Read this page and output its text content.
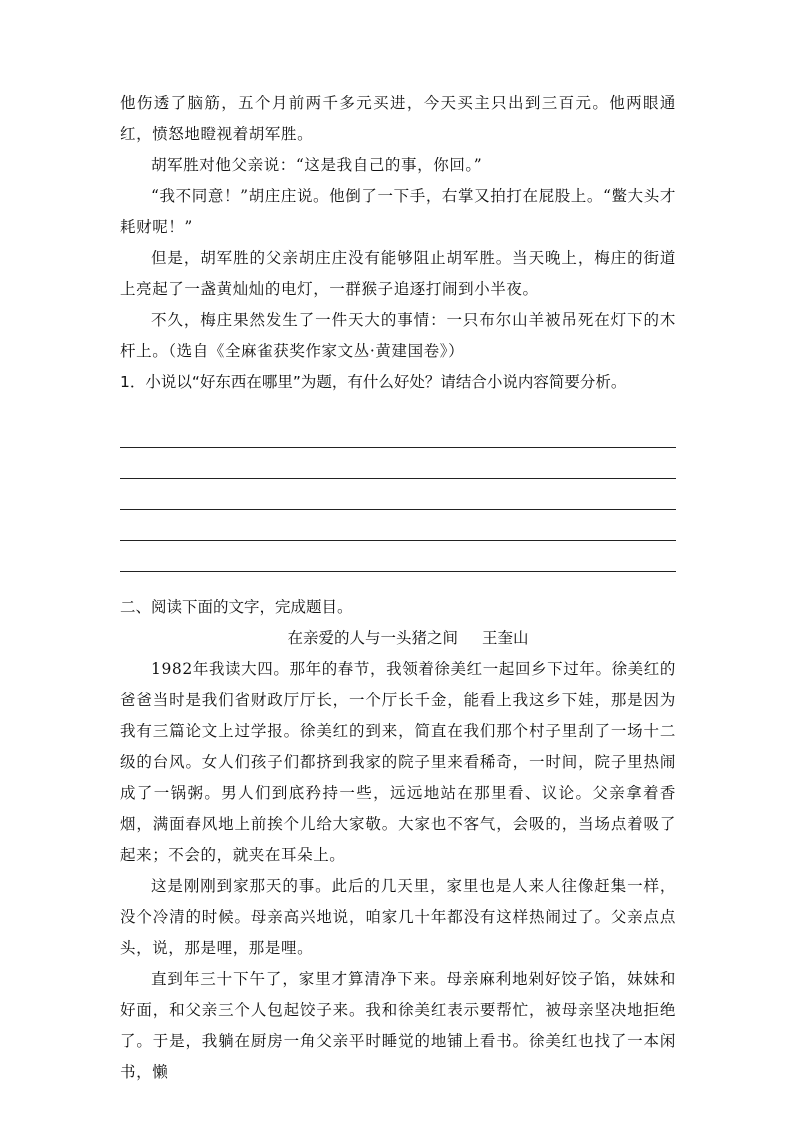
他伤透了脑筋，五个月前两千多元买进，今天买主只出到三百元。他两眼通红，愤怒地瞪视着胡军胜。

胡军胜对他父亲说：“这是我自己的事，你回。”

“我不同意！”胡庄庄说。他倒了一下手，右掌又拍打在屁股上。“鳖大头才耗财呢！”

但是，胡军胜的父亲胡庄庄没有能够阻止胡军胜。当天晚上，梅庄的街道上亮起了一盏黄灿灿的电灯，一群猴子追逐打闹到小半夜。

不久，梅庄果然发生了一件天大的事情：一只布尔山羊被吊死在灯下的木杆上。（选自《全麻雀获奖作家文丛·黄建国卷》）

1．小说以“好东西在哪里”为题，有什么好处？请结合小说内容简要分析。

二、阅读下面的文字，完成题目。

在亲爱的人与一头猪之间 王奎山

1982年我读大四。那年的春节，我领着徐美红一起回乡下过年。徐美红的爸爸当时是我们省财政厅厅长，一个厅长千金，能看上我这乡下娃，那是因为我有三篇论文上过学报。徐美红的到来，简直在我们那个村子里刮了一场十二级的台风。女人们孩子们都挤到我家的院子里来看稀奇，一时间，院子里热闹成了一锅粥。男人们到底矜持一些，远远地站在那里看、议论。父亲拿着香烟，满面春风地上前挨个儿给大家敬。大家也不客气，会吸的，当场点着吸了起来；不会的，就夹在耳朵上。

这是刚刚到家那天的事。此后的几天里，家里也是人来人往像赶集一样，没个冷清的时候。母亲高兴地说，咱家几十年都没有这样热闹过了。父亲点点头，说，那是哩，那是哩。

直到年三十下午了，家里才算清净下来。母亲麻利地剁好饺子馅，妹妹和好面，和父亲三个人包起饺子来。我和徐美红表示要帮忙，被母亲坚决地拒绝了。于是，我躺在厨房一角父亲平时睡觉的地铺上看书。徐美红也找了一本闲书，懒
